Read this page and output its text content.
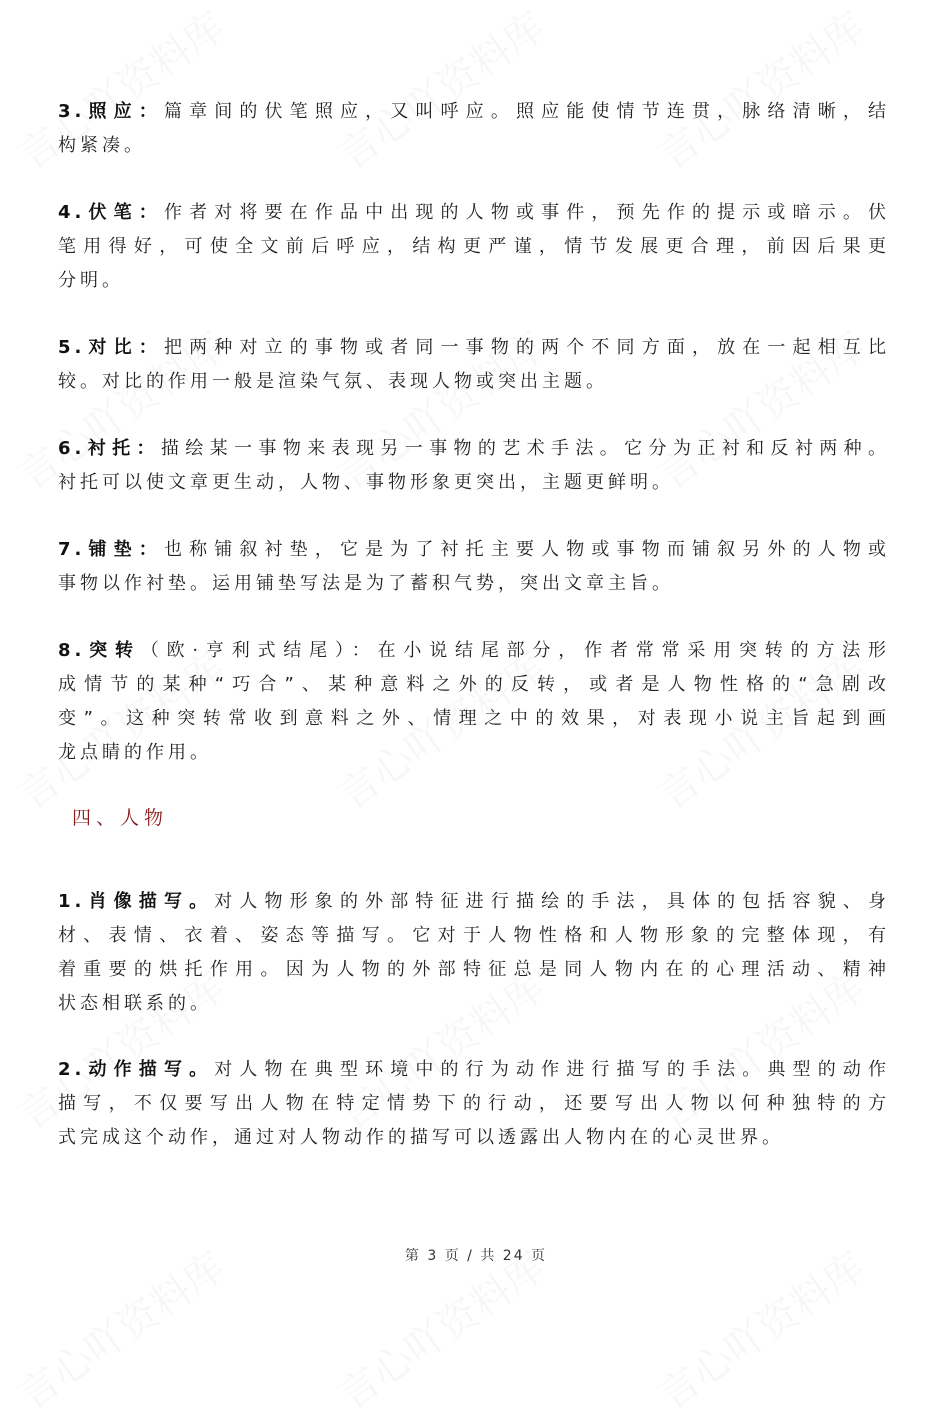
3.照应：篇章间的伏笔照应，又叫呼应。照应能使情节连贯，脉络清晰，结
构紧凑。
4.伏笔：作者对将要在作品中出现的人物或事件，预先作的提示或暗示。伏
笔用得好，可使全文前后呼应，结构更严谨，情节发展更合理，前因后果更
分明。
5.对比：把两种对立的事物或者同一事物的两个不同方面，放在一起相互比
较。对比的作用一般是渲染气氛、表现人物或突出主题。
6.衬托：描绘某一事物来表现另一事物的艺术手法。它分为正衬和反衬两种。
衬托可以使文章更生动，人物、事物形象更突出，主题更鲜明。
7.铺垫：也称铺叙衬垫，它是为了衬托主要人物或事物而铺叙另外的人物或
事物以作衬垫。运用铺垫写法是为了蓄积气势，突出文章主旨。
8.突转（欧·亨利式结尾）：在小说结尾部分，作者常常采用突转的方法形
成情节的某种“巧合”、某种意料之外的反转，或者是人物性格的“急剧改
变”。这种突转常收到意料之外、情理之中的效果，对表现小说主旨起到画
龙点睛的作用。
四、人物
1.肖像描写。对人物形象的外部特征进行描绘的手法，具体的包括容貌、身
材、表情、衣着、姿态等描写。它对于人物性格和人物形象的完整体现，有
着重要的烘托作用。因为人物的外部特征总是同人物内在的心理活动、精神
状态相联系的。
2.动作描写。对人物在典型环境中的行为动作进行描写的手法。典型的动作
描写，不仅要写出人物在特定情势下的行动，还要写出人物以何种独特的方
式完成这个动作，通过对人物动作的描写可以透露出人物内在的心灵世界。
第 3 页 / 共 24 页
